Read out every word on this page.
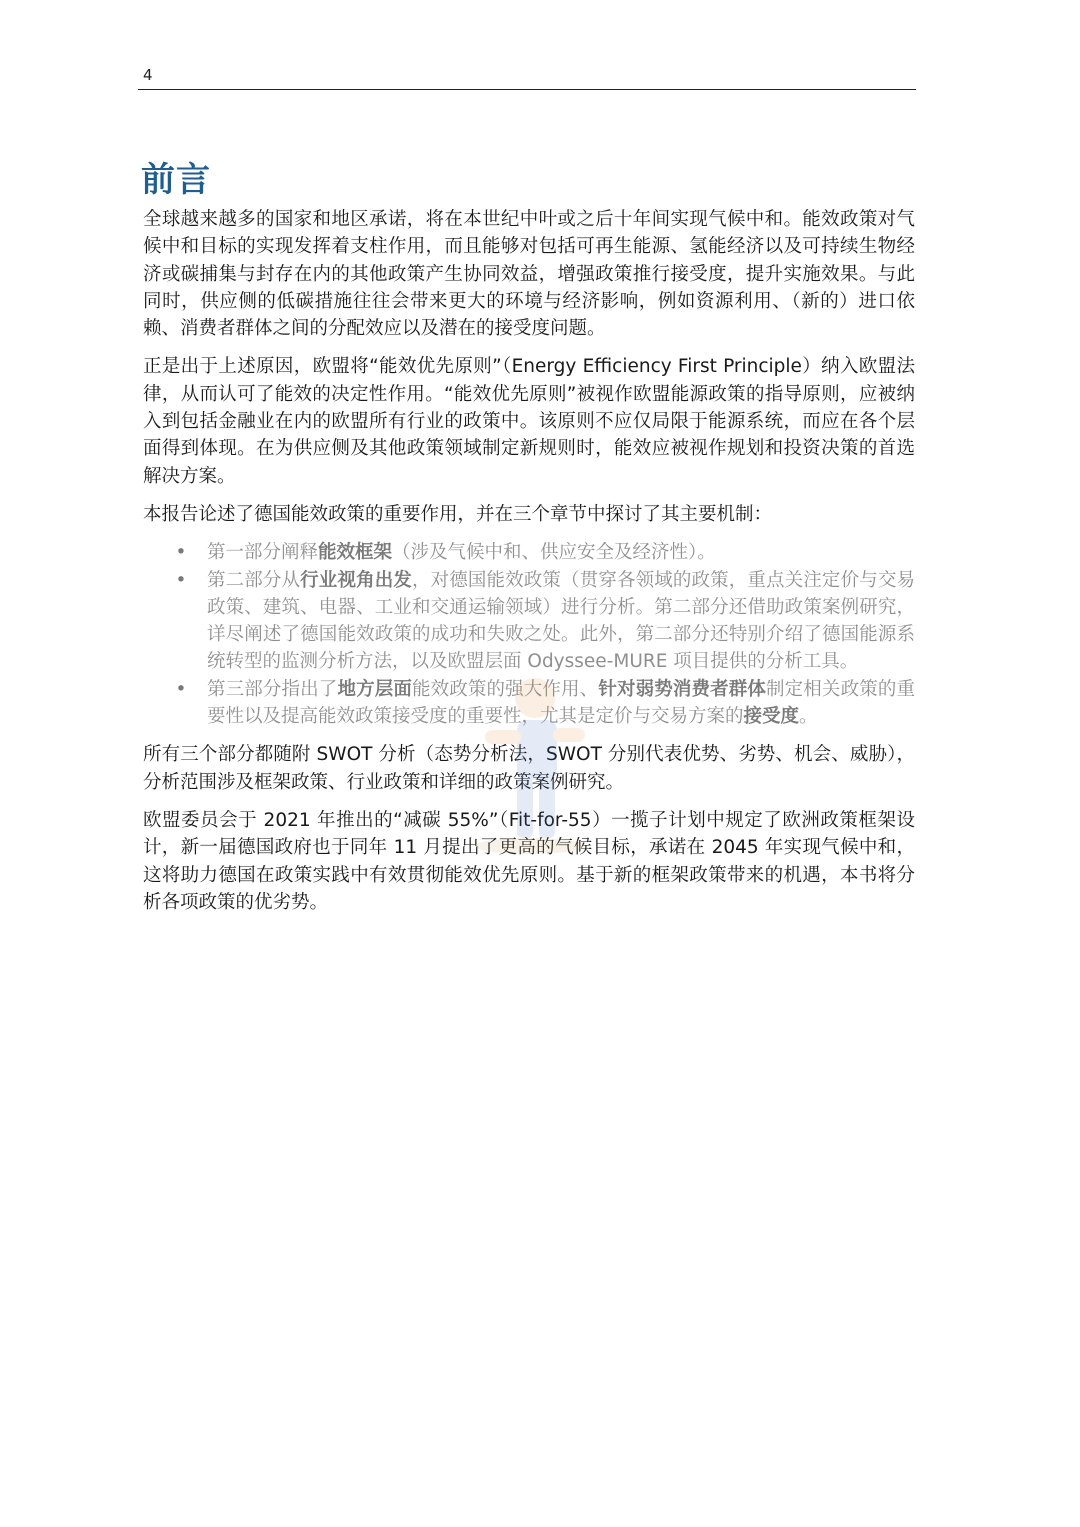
4
前言

全球越来越多的国家和地区承诺，将在本世纪中叶或之后十年间实现气候中和。能效政策对气候中和目标的实现发挥着支柱作用，而且能够对包括可再生能源、氢能经济以及可持续生物经济或碳捕集与封存在内的其他政策产生协同效益，增强政策推行接受度，提升实施效果。与此同时，供应侧的低碳措施往往会带来更大的环境与经济影响，例如资源利用、（新的）进口依赖、消费者群体之间的分配效应以及潜在的接受度问题。

正是出于上述原因，欧盟将“能效优先原则”（Energy Efficiency First Principle）纳入欧盟法律，从而认可了能效的决定性作用。“能效优先原则”被视作欧盟能源政策的指导原则，应被纳入到包括金融业在内的欧盟所有行业的政策中。该原则不应仅局限于能源系统，而应在各个层面得到体现。在为供应侧及其他政策领域制定新规则时，能效应被视作规划和投资决策的首选解决方案。

本报告论述了德国能效政策的重要作用，并在三个章节中探讨了其主要机制：

• 第一部分阐释能效框架（涉及气候中和、供应安全及经济性）。
• 第二部分从行业视角出发，对德国能效政策（贯穿各领域的政策，重点关注定价与交易政策、建筑、电器、工业和交通运输领域）进行分析。第二部分还借助政策案例研究，详尽阐述了德国能效政策的成功和失败之处。此外，第二部分还特别介绍了德国能源系统转型的监测分析方法，以及欧盟层面 Odyssee-MURE 项目提供的分析工具。
• 第三部分指出了地方层面能效政策的强大作用、针对弱势消费者群体制定相关政策的重要性以及提高能效政策接受度的重要性，尤其是定价与交易方案的接受度。

所有三个部分都随附 SWOT 分析（态势分析法，SWOT 分别代表优势、劣势、机会、威胁），分析范围涉及框架政策、行业政策和详细的政策案例研究。

欧盟委员会于 2021 年推出的“减碳 55%”（Fit-for-55）一揽子计划中规定了欧洲政策框架设计，新一届德国政府也于同年 11 月提出了更高的气候目标，承诺在 2045 年实现气候中和，这将助力德国在政策实践中有效贯彻能效优先原则。基于新的框架政策带来的机遇，本书将分析各项政策的优劣势。
